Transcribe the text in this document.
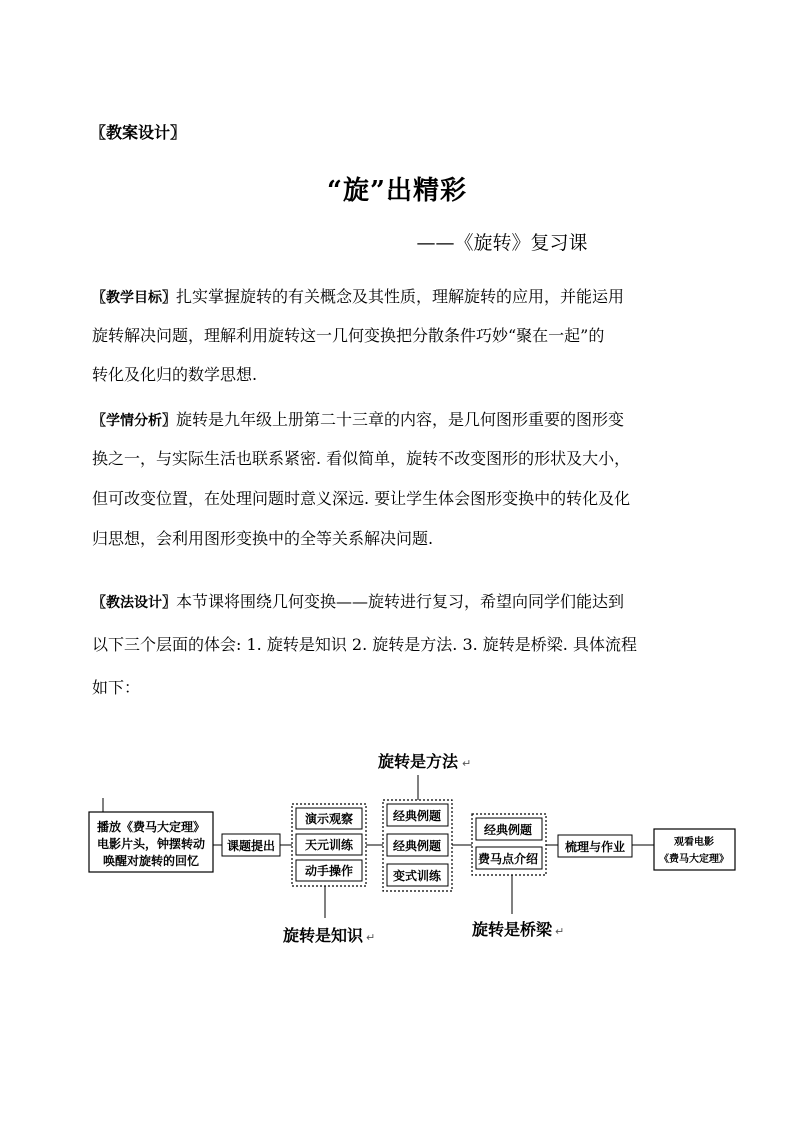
〖教案设计〗
“旋”出精彩
——《旋转》复习课
〖教学目标〗扎实掌握旋转的有关概念及其性质，理解旋转的应用，并能运用
旋转解决问题，理解利用旋转这一几何变换把分散条件巧妙“聚在一起”的
转化及化归的数学思想.
〖学情分析〗旋转是九年级上册第二十三章的内容，是几何图形重要的图形变
换之一，与实际生活也联系紧密. 看似简单，旋转不改变图形的形状及大小，
但可改变位置，在处理问题时意义深远. 要让学生体会图形变换中的转化及化
归思想，会利用图形变换中的全等关系解决问题.
〖教法设计〗本节课将围绕几何变换——旋转进行复习，希望向同学们能达到
以下三个层面的体会: 1. 旋转是知识 2. 旋转是方法. 3. 旋转是桥梁. 具体流程
如下：
播放《费马大定理》
电影片头，钟摆转动
唤醒对旋转的回忆
课题提出
演示观察
天元训练
动手操作
经典例题
经典例题
变式训练
经典例题
费马点介绍
梳理与作业	观看电影
《费马大定理》
旋转是方法 ↵
旋转是知识 ↵	旋转是桥梁 ↵
